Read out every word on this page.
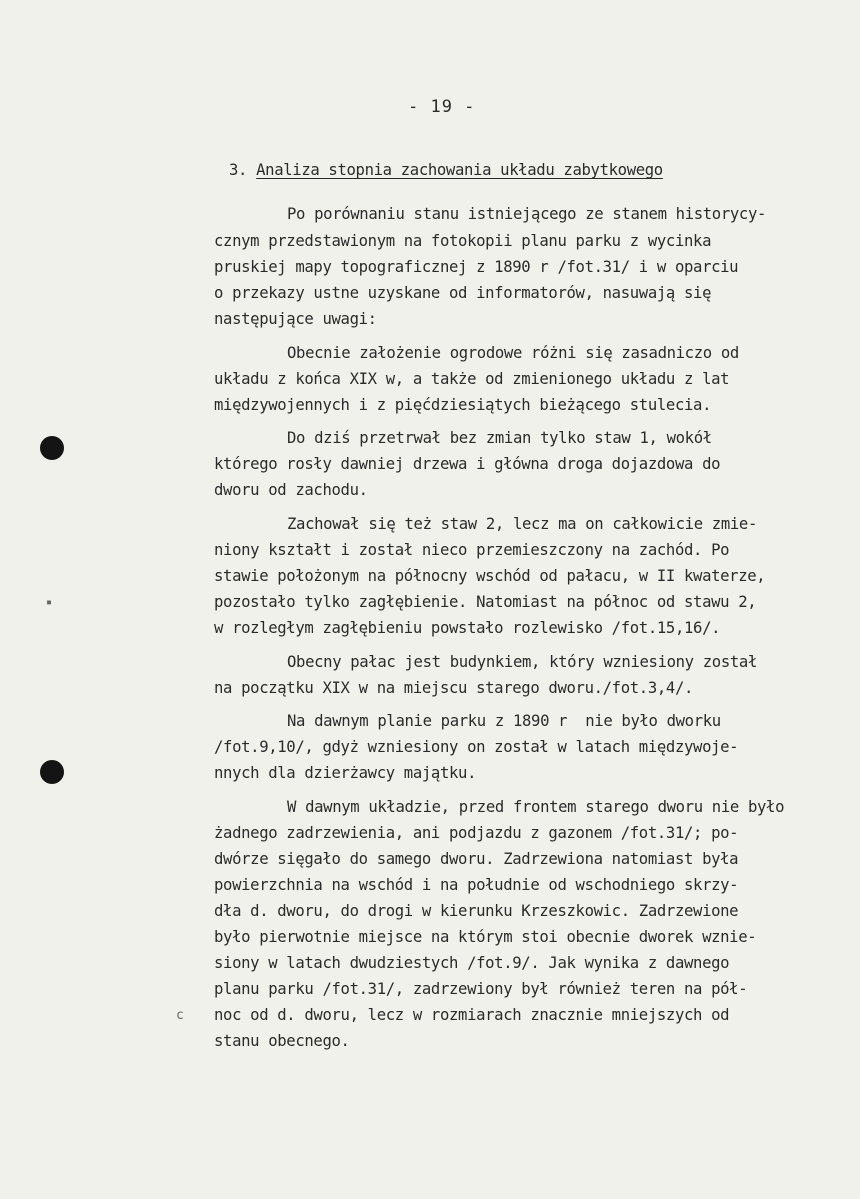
▪
c
- 19 -
3. Analiza stopnia zachowania układu zabytkowego
Po porównaniu stanu istniejącego ze stanem historycy-
cznym przedstawionym na fotokopii planu parku z wycinka
pruskiej mapy topograficznej z 1890 r /fot.31/ i w oparciu
o przekazy ustne uzyskane od informatorów, nasuwają się
następujące uwagi:
Obecnie założenie ogrodowe różni się zasadniczo od
układu z końca XIX w, a także od zmienionego układu z lat
międzywojennych i z pięćdziesiątych bieżącego stulecia.
Do dziś przetrwał bez zmian tylko staw 1, wokół
którego rosły dawniej drzewa i główna droga dojazdowa do
dworu od zachodu.
Zachował się też staw 2, lecz ma on całkowicie zmie-
niony kształt i został nieco przemieszczony na zachód. Po
stawie położonym na północny wschód od pałacu, w II kwaterze,
pozostało tylko zagłębienie. Natomiast na północ od stawu 2,
w rozległym zagłębieniu powstało rozlewisko /fot.15,16/.
Obecny pałac jest budynkiem, który wzniesiony został
na początku XIX w na miejscu starego dworu./fot.3,4/.
Na dawnym planie parku z 1890 r  nie było dworku
/fot.9,10/, gdyż wzniesiony on został w latach międzywoje-
nnych dla dzierżawcy majątku.
W dawnym układzie, przed frontem starego dworu nie było
żadnego zadrzewienia, ani podjazdu z gazonem /fot.31/; po-
dwórze sięgało do samego dworu. Zadrzewiona natomiast była
powierzchnia na wschód i na południe od wschodniego skrzy-
dła d. dworu, do drogi w kierunku Krzeszkowic. Zadrzewione
było pierwotnie miejsce na którym stoi obecnie dworek wznie-
siony w latach dwudziestych /fot.9/. Jak wynika z dawnego
planu parku /fot.31/, zadrzewiony był również teren na pół-
noc od d. dworu, lecz w rozmiarach znacznie mniejszych od
stanu obecnego.
